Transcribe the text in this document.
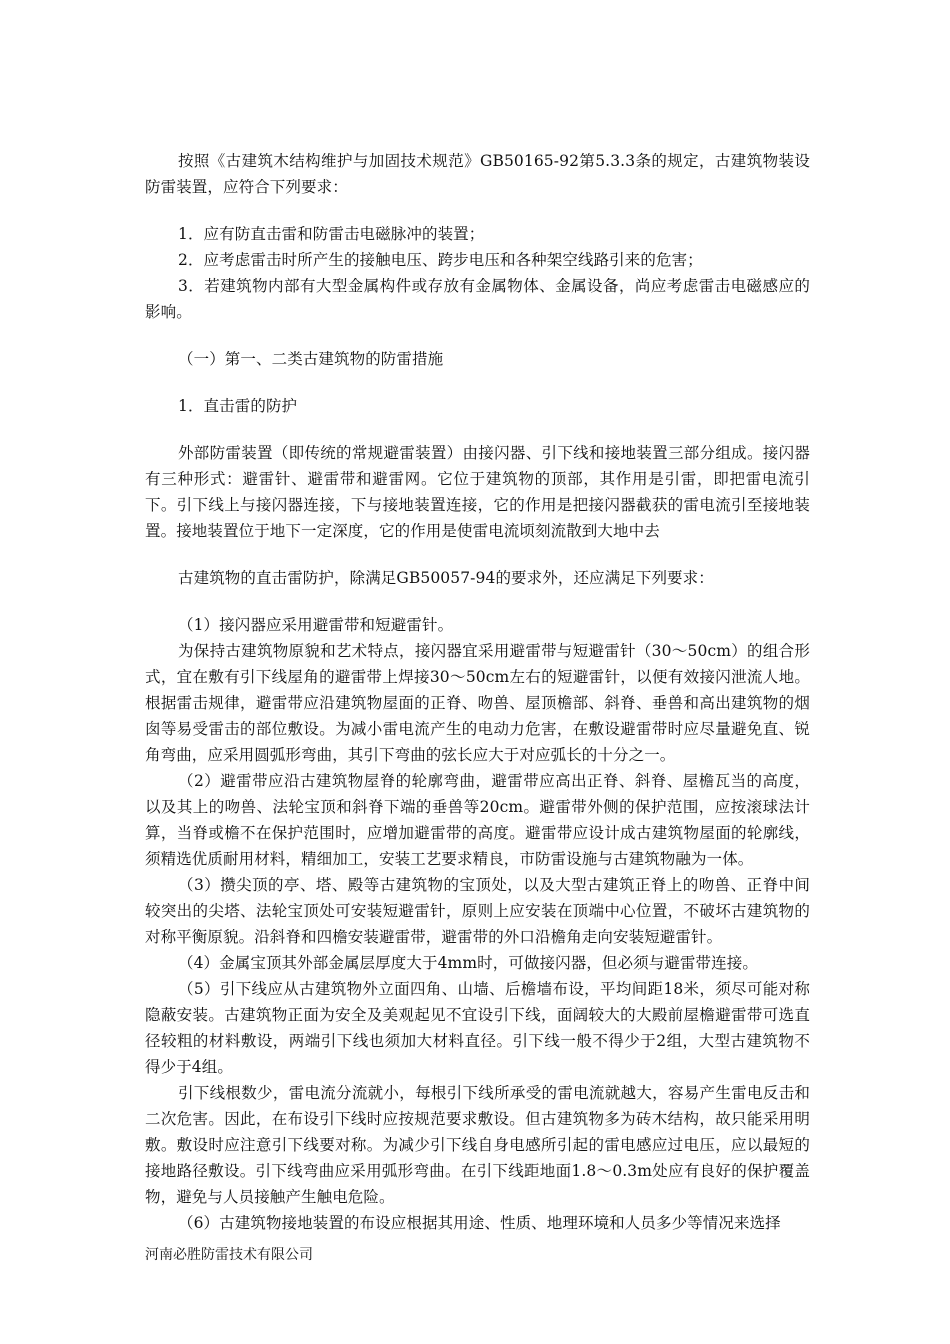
按照《古建筑木结构维护与加固技术规范》GB50165-92第5.3.3条的规定，古建筑物装设防雷装置，应符合下列要求：

1．应有防直击雷和防雷击电磁脉冲的装置；

2．应考虑雷击时所产生的接触电压、跨步电压和各种架空线路引来的危害；

3．若建筑物内部有大型金属构件或存放有金属物体、金属设备，尚应考虑雷击电磁感应的影响。

（一）第一、二类古建筑物的防雷措施

1．直击雷的防护

外部防雷装置（即传统的常规避雷装置）由接闪器、引下线和接地装置三部分组成。接闪器有三种形式：避雷针、避雷带和避雷网。它位于建筑物的顶部，其作用是引雷，即把雷电流引下。引下线上与接闪器连接，下与接地装置连接，它的作用是把接闪器截获的雷电流引至接地装置。接地装置位于地下一定深度，它的作用是使雷电流顷刻流散到大地中去

古建筑物的直击雷防护，除满足GB50057-94的要求外，还应满足下列要求：

（1）接闪器应采用避雷带和短避雷针。

为保持古建筑物原貌和艺术特点，接闪器宜采用避雷带与短避雷针（30～50cm）的组合形式，宜在敷有引下线屋角的避雷带上焊接30～50cm左右的短避雷针，以便有效接闪泄流人地。根据雷击规律，避雷带应沿建筑物屋面的正脊、吻兽、屋顶檐部、斜脊、垂兽和高出建筑物的烟囱等易受雷击的部位敷设。为减小雷电流产生的电动力危害，在敷设避雷带时应尽量避免直、锐角弯曲，应采用圆弧形弯曲，其引下弯曲的弦长应大于对应弧长的十分之一。

（2）避雷带应沿古建筑物屋脊的轮廓弯曲，避雷带应高出正脊、斜脊、屋檐瓦当的高度，以及其上的吻兽、法轮宝顶和斜脊下端的垂兽等20cm。避雷带外侧的保护范围，应按滚球法计算，当脊或檐不在保护范围时，应增加避雷带的高度。避雷带应设计成古建筑物屋面的轮廓线，须精选优质耐用材料，精细加工，安装工艺要求精良，市防雷设施与古建筑物融为一体。

（3）攒尖顶的亭、塔、殿等古建筑物的宝顶处，以及大型古建筑正脊上的吻兽、正脊中间较突出的尖塔、法轮宝顶处可安装短避雷针，原则上应安装在顶端中心位置，不破坏古建筑物的对称平衡原貌。沿斜脊和四檐安装避雷带，避雷带的外口沿檐角走向安装短避雷针。

（4）金属宝顶其外部金属层厚度大于4mm时，可做接闪器，但必须与避雷带连接。

（5）引下线应从古建筑物外立面四角、山墙、后檐墙布设，平均间距18米，须尽可能对称隐蔽安装。古建筑物正面为安全及美观起见不宜设引下线，面阔较大的大殿前屋檐避雷带可选直径较粗的材料敷设，两端引下线也须加大材料直径。引下线一般不得少于2组，大型古建筑物不得少于4组。

引下线根数少，雷电流分流就小，每根引下线所承受的雷电流就越大，容易产生雷电反击和二次危害。因此，在布设引下线时应按规范要求敷设。但古建筑物多为砖木结构，故只能采用明敷。敷设时应注意引下线要对称。为减少引下线自身电感所引起的雷电感应过电压，应以最短的接地路径敷设。引下线弯曲应采用弧形弯曲。在引下线距地面1.8～0.3m处应有良好的保护覆盖物，避免与人员接触产生触电危险。

（6）古建筑物接地装置的布设应根据其用途、性质、地理环境和人员多少等情况来选择

河南必胜防雷技术有限公司
